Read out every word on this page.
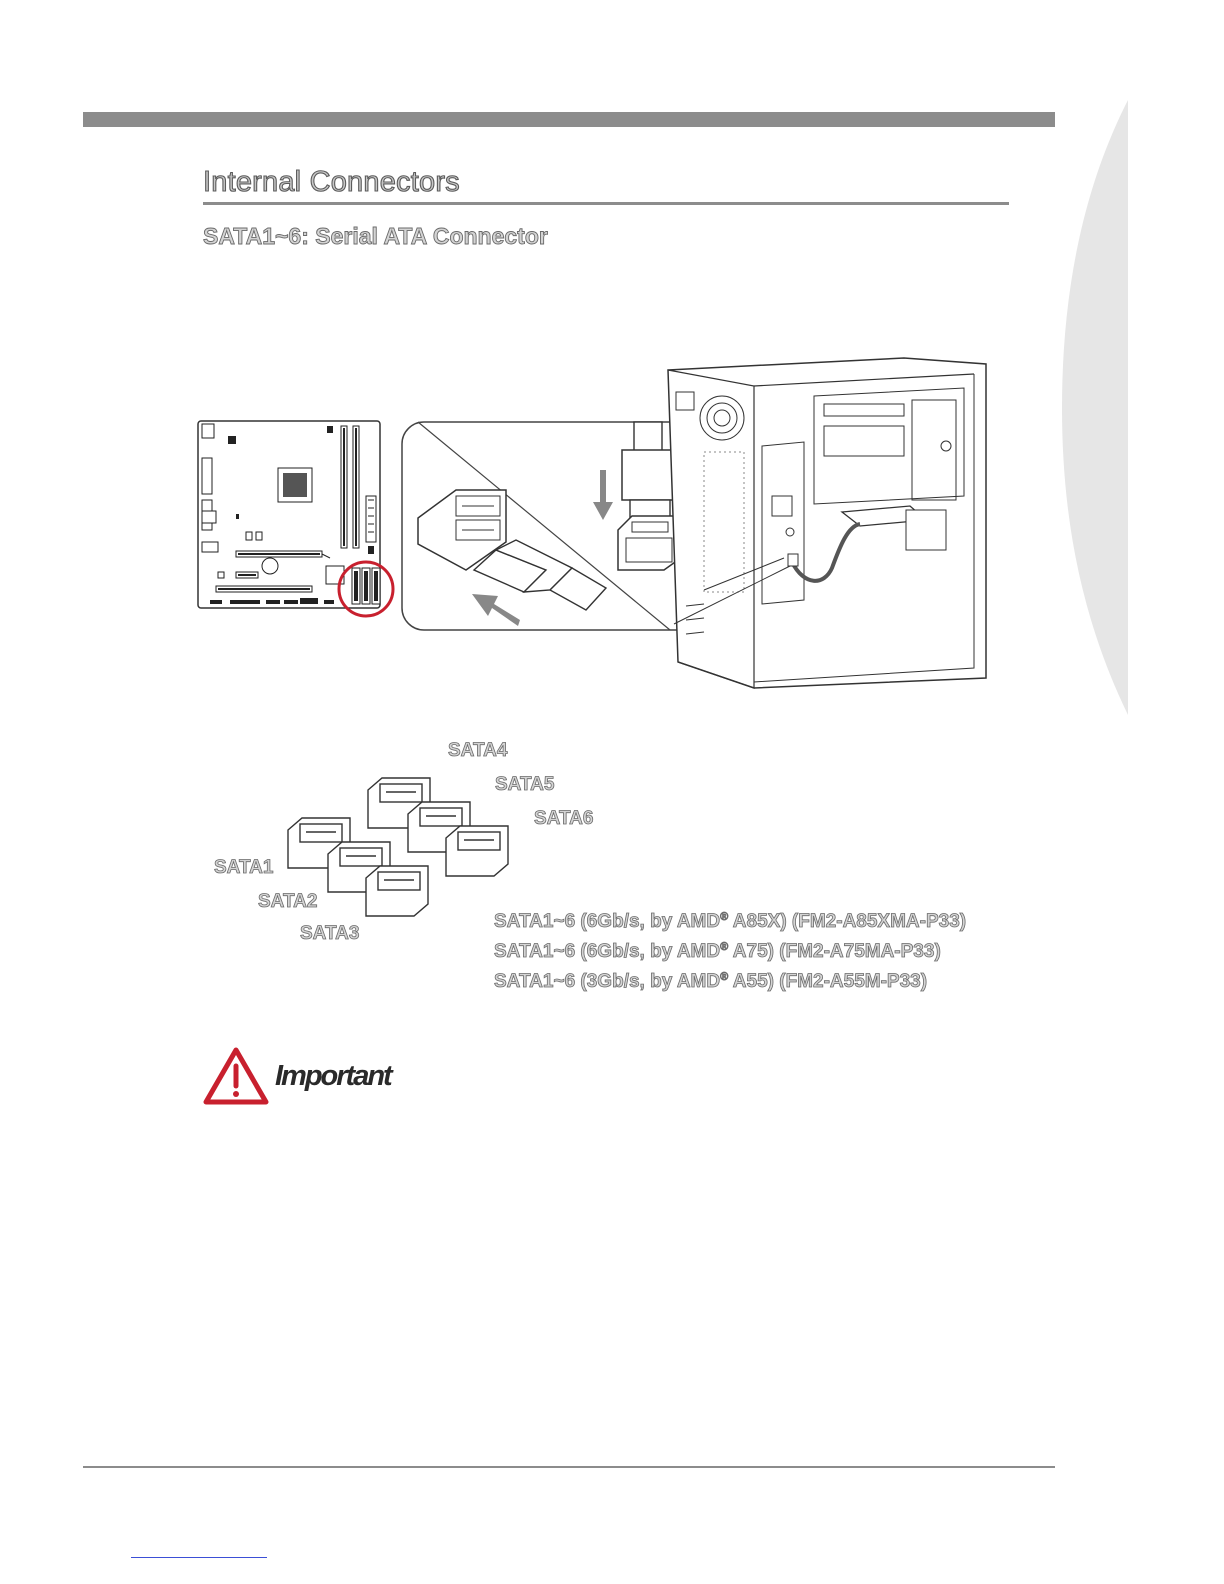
Internal Connectors
SATA1~6: Serial ATA Connector
SATA4
SATA5
SATA6
SATA1
SATA2
SATA3
SATA1~6 (6Gb/s, by AMD® A85X) (FM2-A85XMA-P33)
SATA1~6 (6Gb/s, by AMD® A75) (FM2-A75MA-P33)
SATA1~6 (3Gb/s, by AMD® A55) (FM2-A55M-P33)
Important
